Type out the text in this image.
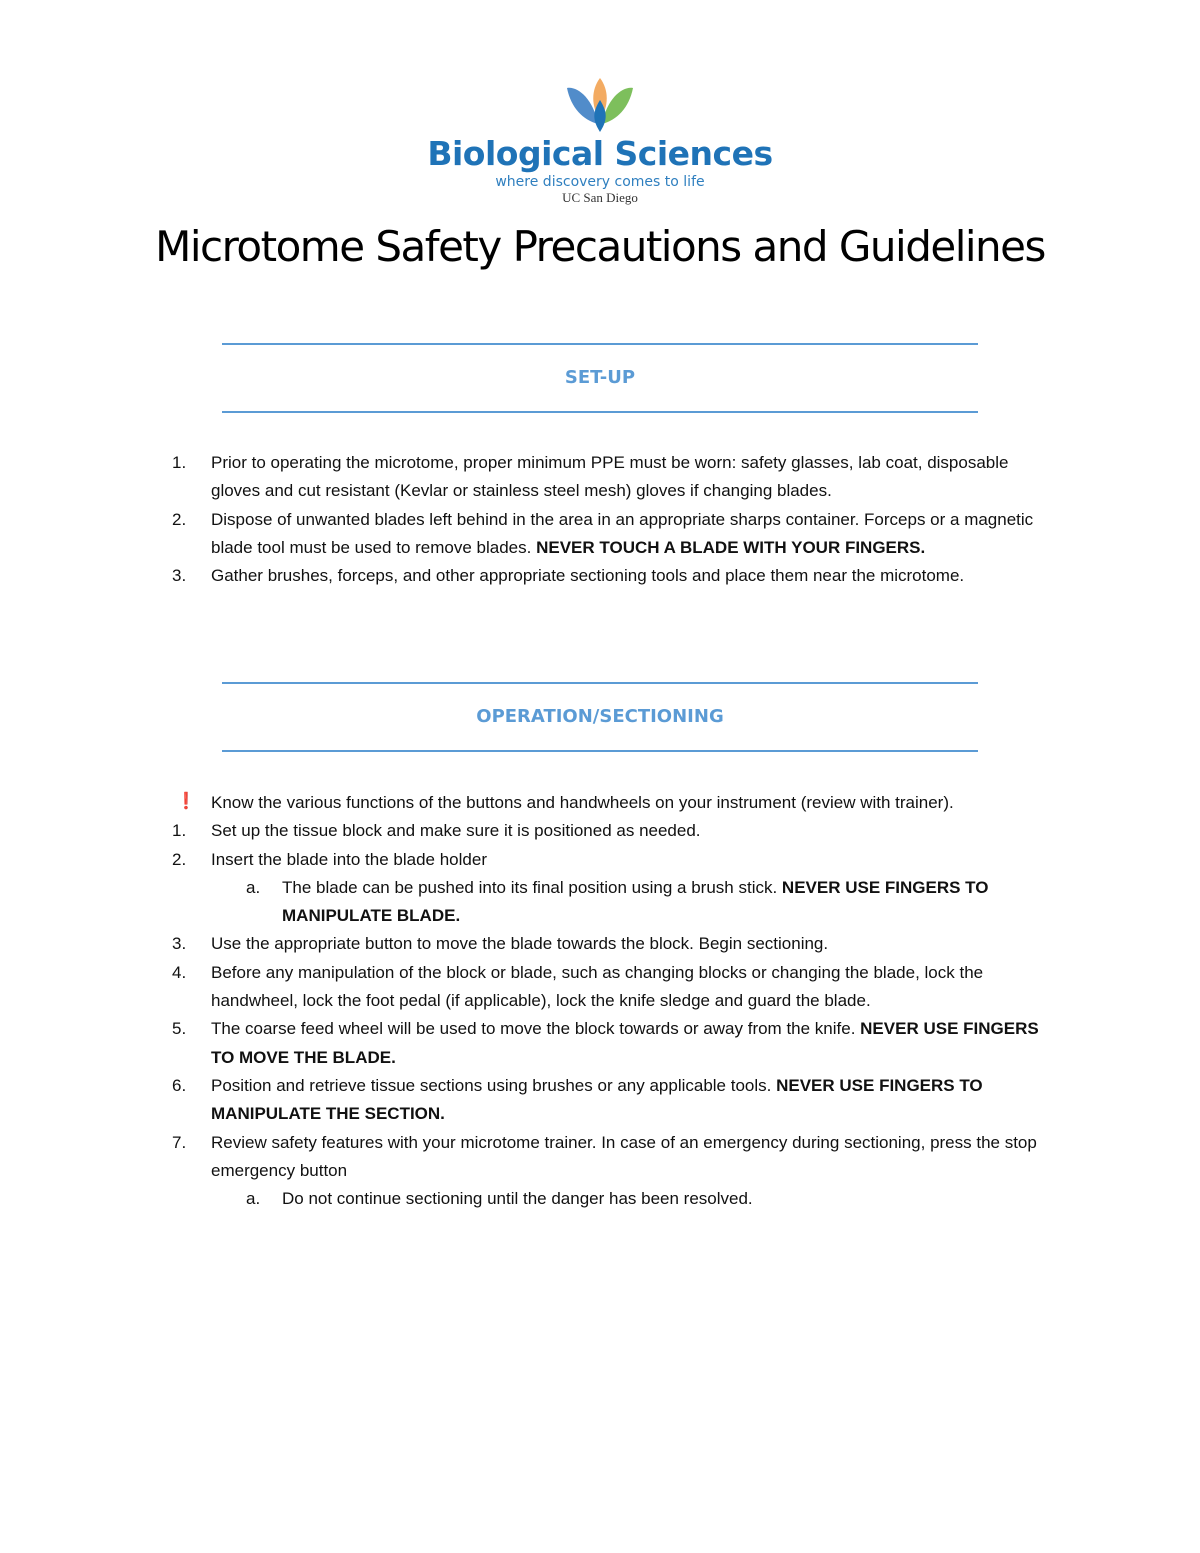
Biological Sciences
where discovery comes to life
UC San Diego
Microtome Safety Precautions and Guidelines
SET-UP
1. Prior to operating the microtome, proper minimum PPE must be worn: safety glasses, lab coat, disposable gloves and cut resistant (Kevlar or stainless steel mesh) gloves if changing blades.
2. Dispose of unwanted blades left behind in the area in an appropriate sharps container. Forceps or a magnetic blade tool must be used to remove blades. NEVER TOUCH A BLADE WITH YOUR FINGERS.
3. Gather brushes, forceps, and other appropriate sectioning tools and place them near the microtome.
OPERATION/SECTIONING
❗ Know the various functions of the buttons and handwheels on your instrument (review with trainer).
1. Set up the tissue block and make sure it is positioned as needed.
2. Insert the blade into the blade holder
a. The blade can be pushed into its final position using a brush stick. NEVER USE FINGERS TO MANIPULATE BLADE.
3. Use the appropriate button to move the blade towards the block. Begin sectioning.
4. Before any manipulation of the block or blade, such as changing blocks or changing the blade, lock the handwheel, lock the foot pedal (if applicable), lock the knife sledge and guard the blade.
5. The coarse feed wheel will be used to move the block towards or away from the knife. NEVER USE FINGERS TO MOVE THE BLADE.
6. Position and retrieve tissue sections using brushes or any applicable tools. NEVER USE FINGERS TO MANIPULATE THE SECTION.
7. Review safety features with your microtome trainer. In case of an emergency during sectioning, press the stop emergency button
a. Do not continue sectioning until the danger has been resolved.
